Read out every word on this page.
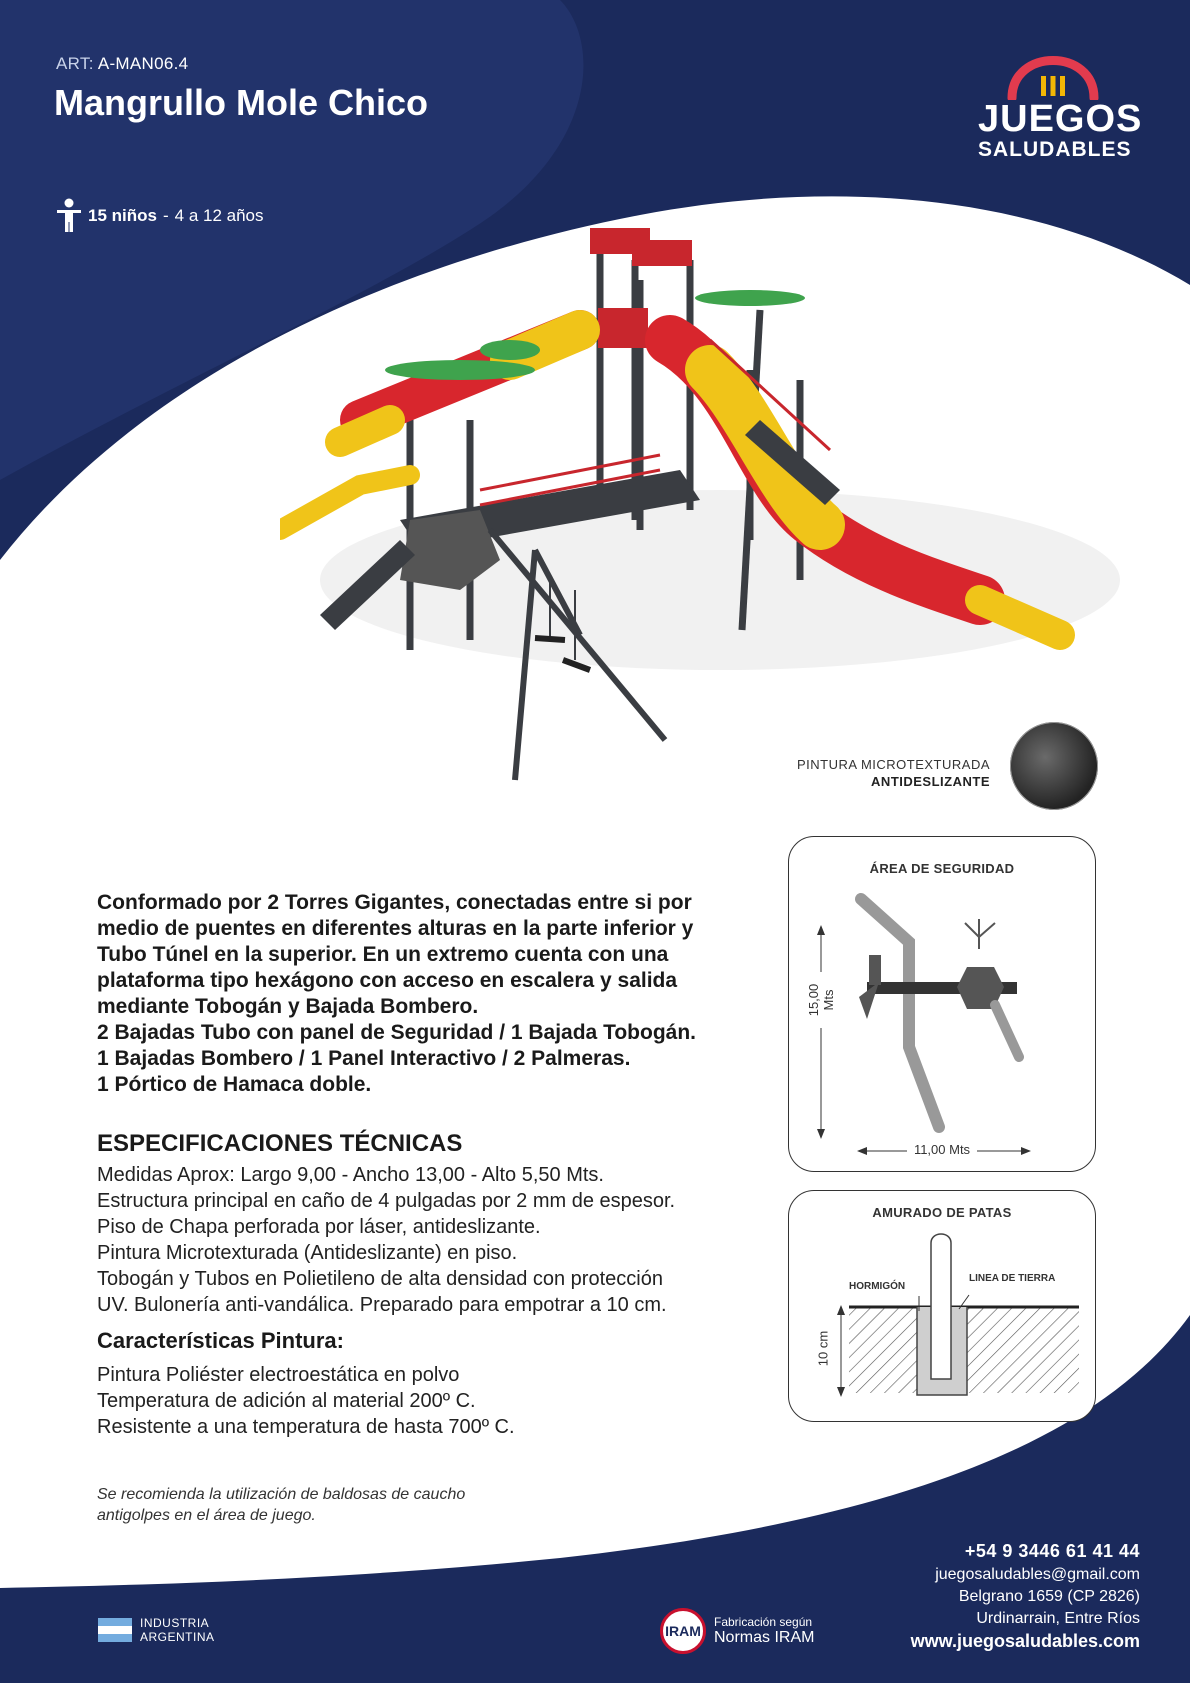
ART: A-MAN06.4
Mangrullo Mole Chico
15 niños - 4 a 12 años
JUEGOS
SALUDABLES
PINTURA MICROTEXTURADA
ANTIDESLIZANTE

Conformado por 2 Torres Gigantes, conectadas entre si por

medio de puentes en diferentes alturas en la parte inferior y

Tubo Túnel en la superior. En un extremo cuenta con una

plataforma tipo hexágono con acceso en escalera y salida

mediante Tobogán y Bajada Bombero.

2 Bajadas Tubo con panel de Seguridad / 1 Bajada Tobogán.

1 Bajadas Bombero / 1 Panel Interactivo / 2 Palmeras.

1 Pórtico de Hamaca doble.

ESPECIFICACIONES TÉCNICAS

Medidas Aprox: Largo 9,00 - Ancho 13,00 - Alto 5,50 Mts.

Estructura principal en caño de 4 pulgadas por 2 mm de espesor.

Piso de Chapa perforada por láser, antideslizante.

Pintura Microtexturada (Antideslizante) en piso.

Tobogán y Tubos en Polietileno de alta densidad con protección

UV. Bulonería anti-vandálica. Preparado para empotrar a 10 cm.

Características Pintura:

Pintura Poliéster electroestática en polvo

Temperatura de adición al material 200º C.

Resistente a una temperatura de hasta 700º C.

Se recomienda la utilización de baldosas de caucho

antigolpes en el área de juego.

ÁREA DE SEGURIDAD
15,00 Mts
11,00 Mts
AMURADO DE PATAS
HORMIGÓN
LINEA DE TIERRA
10 cm

+54 9 3446 61 41 44

juegosaludables@gmail.com

Belgrano 1659 (CP 2826)

Urdinarrain, Entre Ríos

www.juegosaludables.com

INDUSTRIA
ARGENTINA	IRAM
Fabricación según
Normas IRAM
